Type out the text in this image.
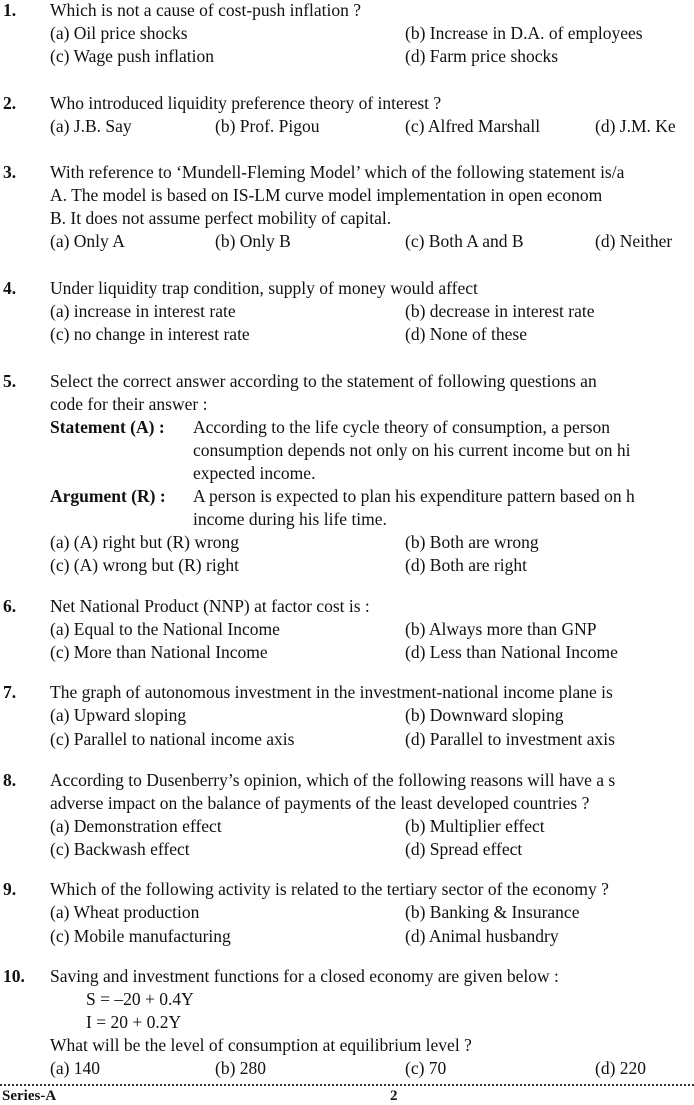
1. Which is not a cause of cost-push inflation ?
(a) Oil price shocks	(b) Increase in D.A. of employees
(c) Wage push inflation	(d) Farm price shocks
2. Who introduced liquidity preference theory of interest ?
(a) J.B. Say	(b) Prof. Pigou	(c) Alfred Marshall	(d) J.M. Ke
3. With reference to ‘Mundell-Fleming Model’ which of the following statement is/a
A. The model is based on IS-LM curve model implementation in open econom
B. It does not assume perfect mobility of capital.
(a) Only A	(b) Only B	(c) Both A and B	(d) Neither
4. Under liquidity trap condition, supply of money would affect
(a) increase in interest rate	(b) decrease in interest rate
(c) no change in interest rate	(d) None of these
5. Select the correct answer according to the statement of following questions an
code for their answer :
Statement (A) : According to the life cycle theory of consumption, a person
consumption depends not only on his current income but on hi
expected income.
Argument (R) : A person is expected to plan his expenditure pattern based on h
income during his life time.
(a) (A) right but (R) wrong	(b) Both are wrong
(c) (A) wrong but (R) right	(d) Both are right
6. Net National Product (NNP) at factor cost is :
(a) Equal to the National Income	(b) Always more than GNP
(c) More than National Income	(d) Less than National Income
7. The graph of autonomous investment in the investment-national income plane is
(a) Upward sloping	(b) Downward sloping
(c) Parallel to national income axis	(d) Parallel to investment axis
8. According to Dusenberry’s opinion, which of the following reasons will have a s
adverse impact on the balance of payments of the least developed countries ?
(a) Demonstration effect	(b) Multiplier effect
(c) Backwash effect	(d) Spread effect
9. Which of the following activity is related to the tertiary sector of the economy ?
(a) Wheat production	(b) Banking & Insurance
(c) Mobile manufacturing	(d) Animal husbandry
10. Saving and investment functions for a closed economy are given below :
S = –20 + 0.4Y
I = 20 + 0.2Y
What will be the level of consumption at equilibrium level ?
(a) 140	(b) 280	(c) 70	(d) 220
Series-A	2
